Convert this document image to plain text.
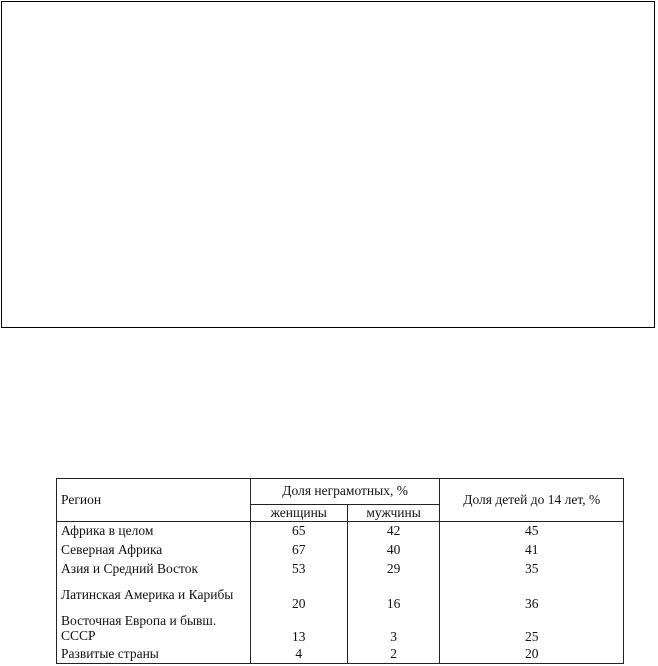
Регион	Доля неграмотных, %		Доля детей до 14 лет, %
	женщины	мужчины	
Африка в целом	65	42	45
Северная Африка	67	40	41
Азия и Средний Восток	53	29	35
Латинская Америка и Карибы	20	16	36
Восточная Европа и бывш. СССР	13	3	25
Развитые страны	4	2	20
